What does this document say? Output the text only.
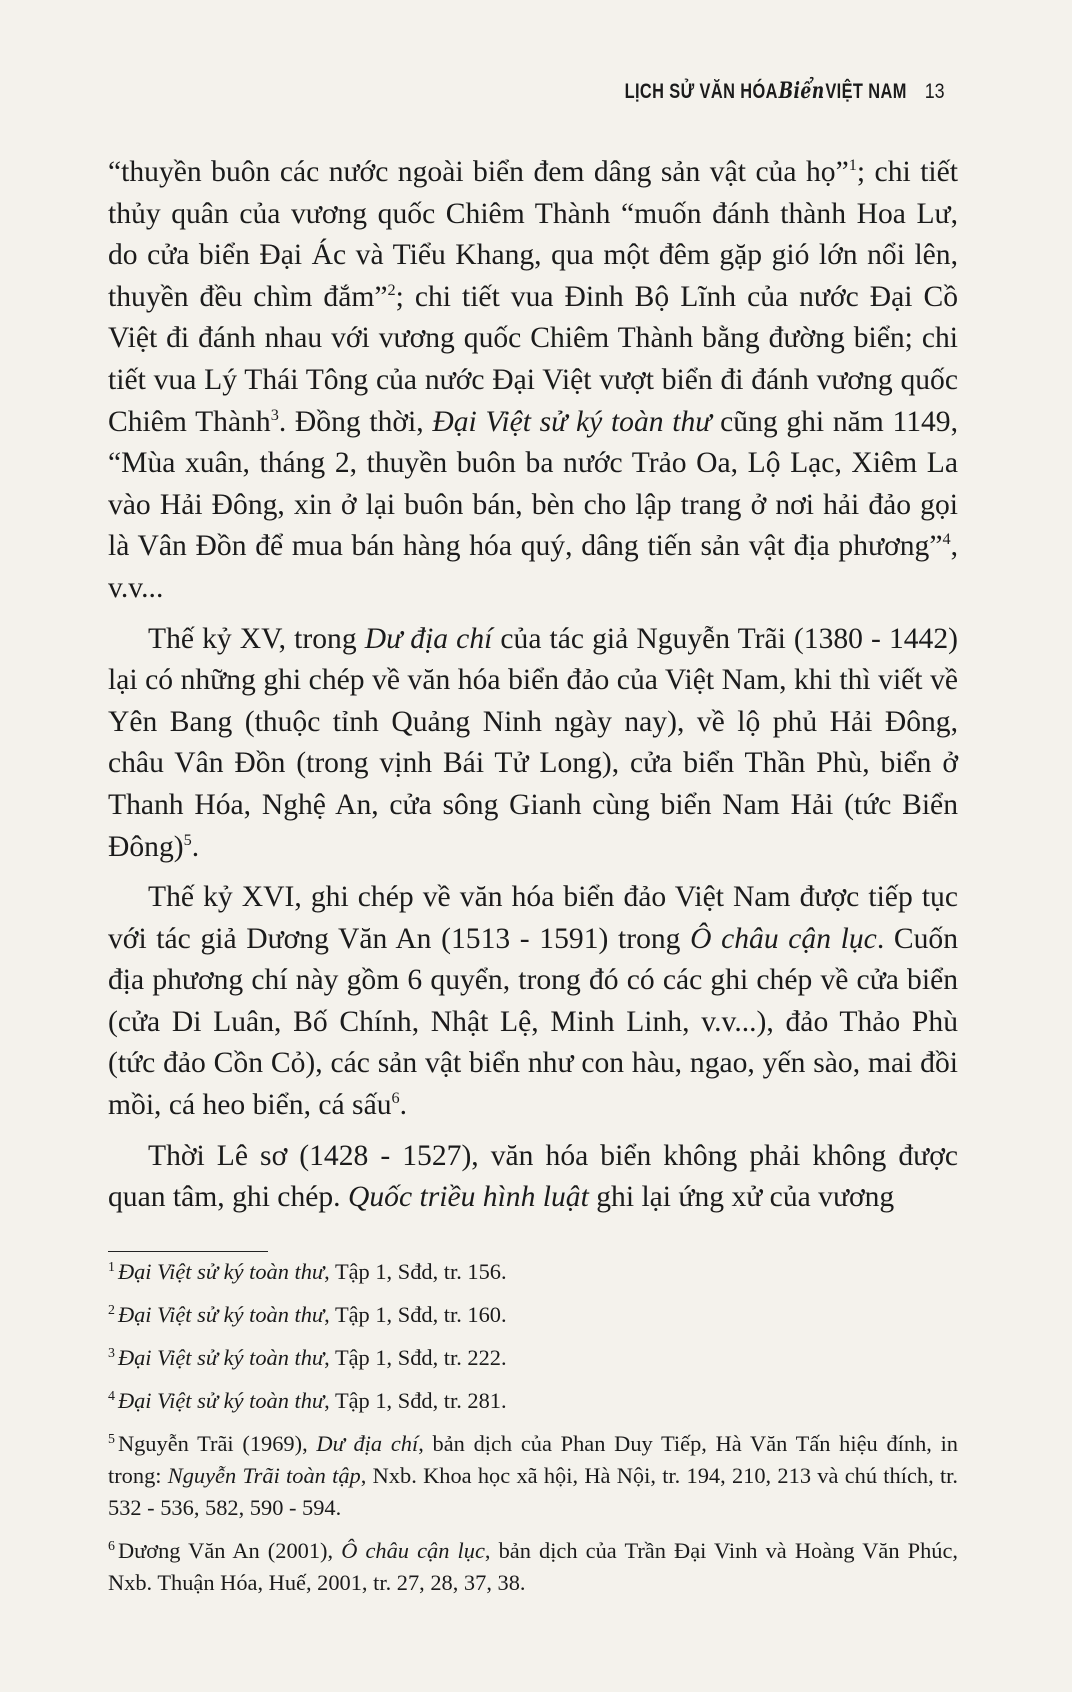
LỊCH SỬ VĂN HÓABiểnVIỆT NAM 13

“thuyền buôn các nước ngoài biển đem dâng sản vật của họ”$^1$; chi tiết thủy quân của vương quốc Chiêm Thành “muốn đánh thành Hoa Lư, do cửa biển Đại Ác và Tiểu Khang, qua một đêm gặp gió lớn nổi lên, thuyền đều chìm đắm”$^2$; chi tiết vua Đinh Bộ Lĩnh của nước Đại Cồ Việt đi đánh nhau với vương quốc Chiêm Thành bằng đường biển; chi tiết vua Lý Thái Tông của nước Đại Việt vượt biển đi đánh vương quốc Chiêm Thành$^3$. Đồng thời, Đại Việt sử ký toàn thư cũng ghi năm 1149, “Mùa xuân, tháng 2, thuyền buôn ba nước Trảo Oa, Lộ Lạc, Xiêm La vào Hải Đông, xin ở lại buôn bán, bèn cho lập trang ở nơi hải đảo gọi là Vân Đồn để mua bán hàng hóa quý, dâng tiến sản vật địa phương”$^4$, v.v...

Thế kỷ XV, trong Dư địa chí của tác giả Nguyễn Trãi (1380 - 1442) lại có những ghi chép về văn hóa biển đảo của Việt Nam, khi thì viết về Yên Bang (thuộc tỉnh Quảng Ninh ngày nay), về lộ phủ Hải Đông, châu Vân Đồn (trong vịnh Bái Tử Long), cửa biển Thần Phù, biển ở Thanh Hóa, Nghệ An, cửa sông Gianh cùng biển Nam Hải (tức Biển Đông)$^5$.

Thế kỷ XVI, ghi chép về văn hóa biển đảo Việt Nam được tiếp tục với tác giả Dương Văn An (1513 - 1591) trong Ô châu cận lục. Cuốn địa phương chí này gồm 6 quyển, trong đó có các ghi chép về cửa biển (cửa Di Luân, Bố Chính, Nhật Lệ, Minh Linh, v.v...), đảo Thảo Phù (tức đảo Cồn Cỏ), các sản vật biển như con hàu, ngao, yến sào, mai đồi mồi, cá heo biển, cá sấu$^6$.

Thời Lê sơ (1428 - 1527), văn hóa biển không phải không được quan tâm, ghi chép. Quốc triều hình luật ghi lại ứng xử của vương

$^1$ Đại Việt sử ký toàn thư, Tập 1, Sđd, tr. 156.
$^2$ Đại Việt sử ký toàn thư, Tập 1, Sđd, tr. 160.
$^3$ Đại Việt sử ký toàn thư, Tập 1, Sđd, tr. 222.
$^4$ Đại Việt sử ký toàn thư, Tập 1, Sđd, tr. 281.
$^5$ Nguyễn Trãi (1969), Dư địa chí, bản dịch của Phan Duy Tiếp, Hà Văn Tấn hiệu đính, in trong: Nguyễn Trãi toàn tập, Nxb. Khoa học xã hội, Hà Nội, tr. 194, 210, 213 và chú thích, tr. 532 - 536, 582, 590 - 594.
$^6$ Dương Văn An (2001), Ô châu cận lục, bản dịch của Trần Đại Vinh và Hoàng Văn Phúc, Nxb. Thuận Hóa, Huế, 2001, tr. 27, 28, 37, 38.
